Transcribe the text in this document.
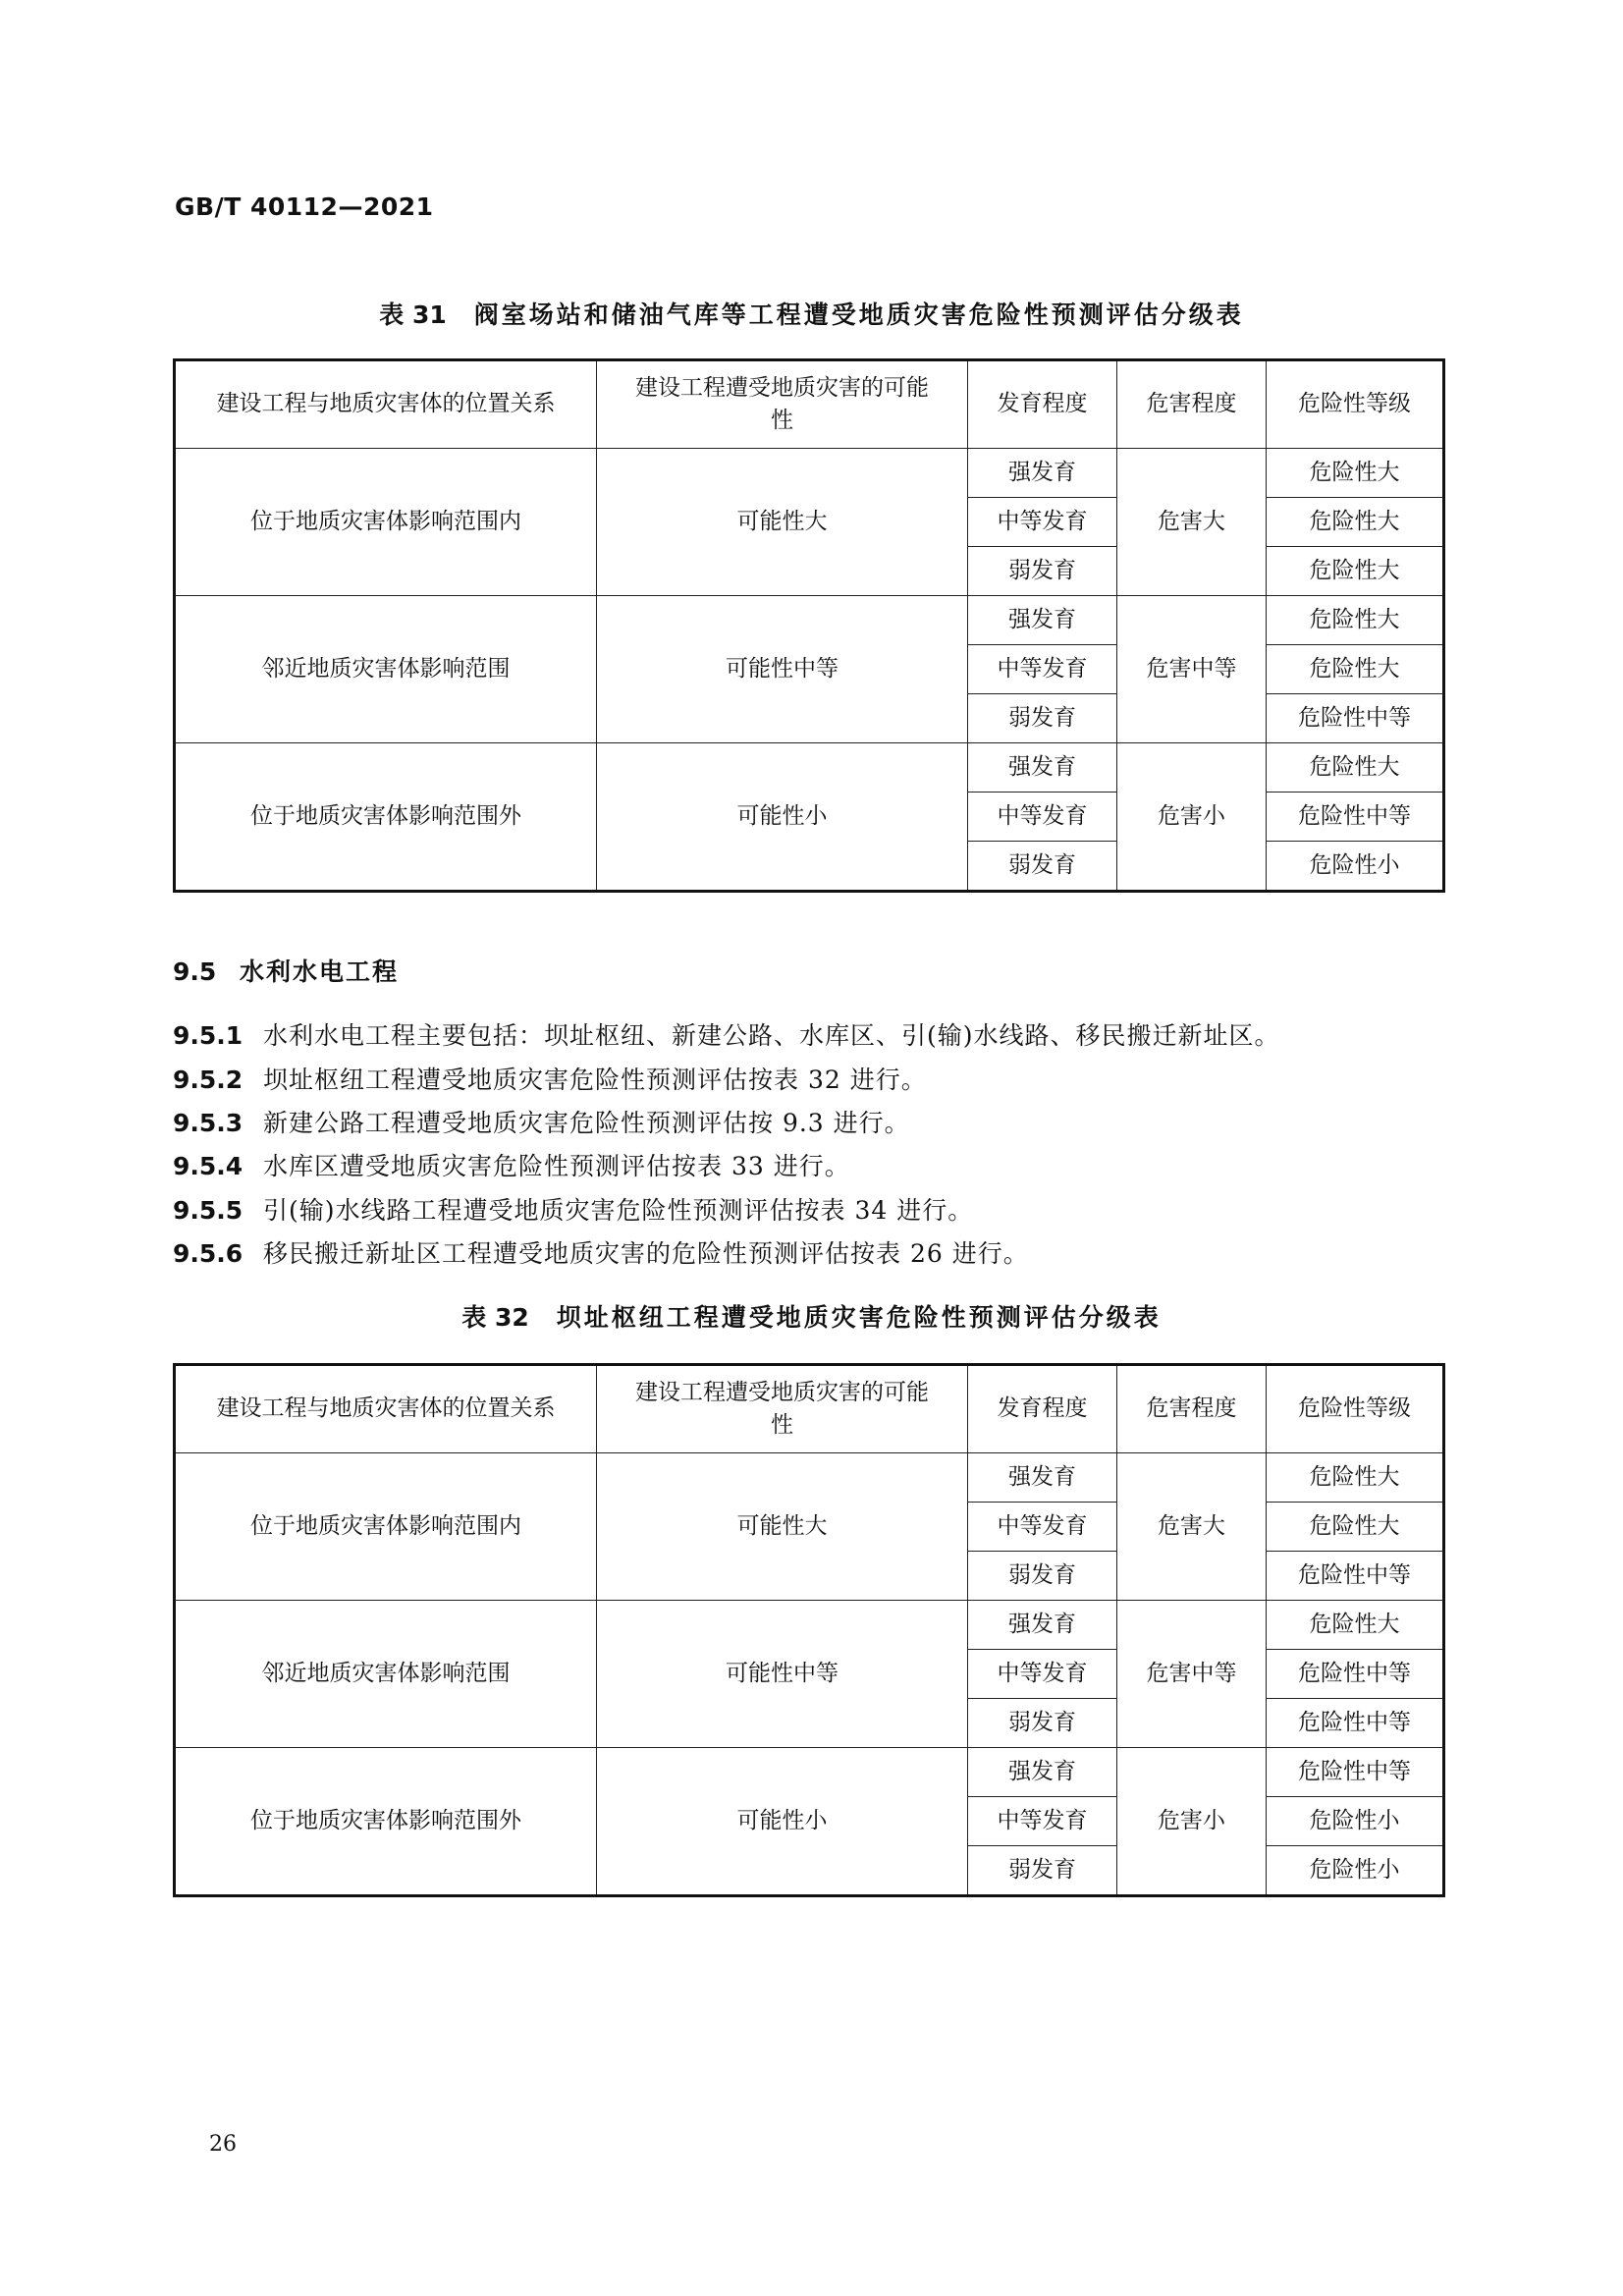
GB/T 40112—2021
表 31 阀室场站和储油气库等工程遭受地质灾害危险性预测评估分级表
建设工程与地质灾害体的位置关系	建设工程遭受地质灾害的可能性	发育程度	危害程度	危险性等级
位于地质灾害体影响范围内	可能性大	强发育	危害大	危险性大
		中等发育		危险性大
		弱发育		危险性大
邻近地质灾害体影响范围	可能性中等	强发育	危害中等	危险性大
		中等发育		危险性大
		弱发育		危险性中等
位于地质灾害体影响范围外	可能性小	强发育	危害小	危险性大
		中等发育		危险性中等
		弱发育		危险性小
9.5 水利水电工程
9.5.1 水利水电工程主要包括：坝址枢纽、新建公路、水库区、引(输)水线路、移民搬迁新址区。
9.5.2 坝址枢纽工程遭受地质灾害危险性预测评估按表 32 进行。
9.5.3 新建公路工程遭受地质灾害危险性预测评估按 9.3 进行。
9.5.4 水库区遭受地质灾害危险性预测评估按表 33 进行。
9.5.5 引(输)水线路工程遭受地质灾害危险性预测评估按表 34 进行。
9.5.6 移民搬迁新址区工程遭受地质灾害的危险性预测评估按表 26 进行。
表 32 坝址枢纽工程遭受地质灾害危险性预测评估分级表
建设工程与地质灾害体的位置关系	建设工程遭受地质灾害的可能性	发育程度	危害程度	危险性等级
位于地质灾害体影响范围内	可能性大	强发育	危害大	危险性大
		中等发育		危险性大
		弱发育		危险性中等
邻近地质灾害体影响范围	可能性中等	强发育	危害中等	危险性大
		中等发育		危险性中等
		弱发育		危险性中等
位于地质灾害体影响范围外	可能性小	强发育	危害小	危险性中等
		中等发育		危险性小
		弱发育		危险性小
26
